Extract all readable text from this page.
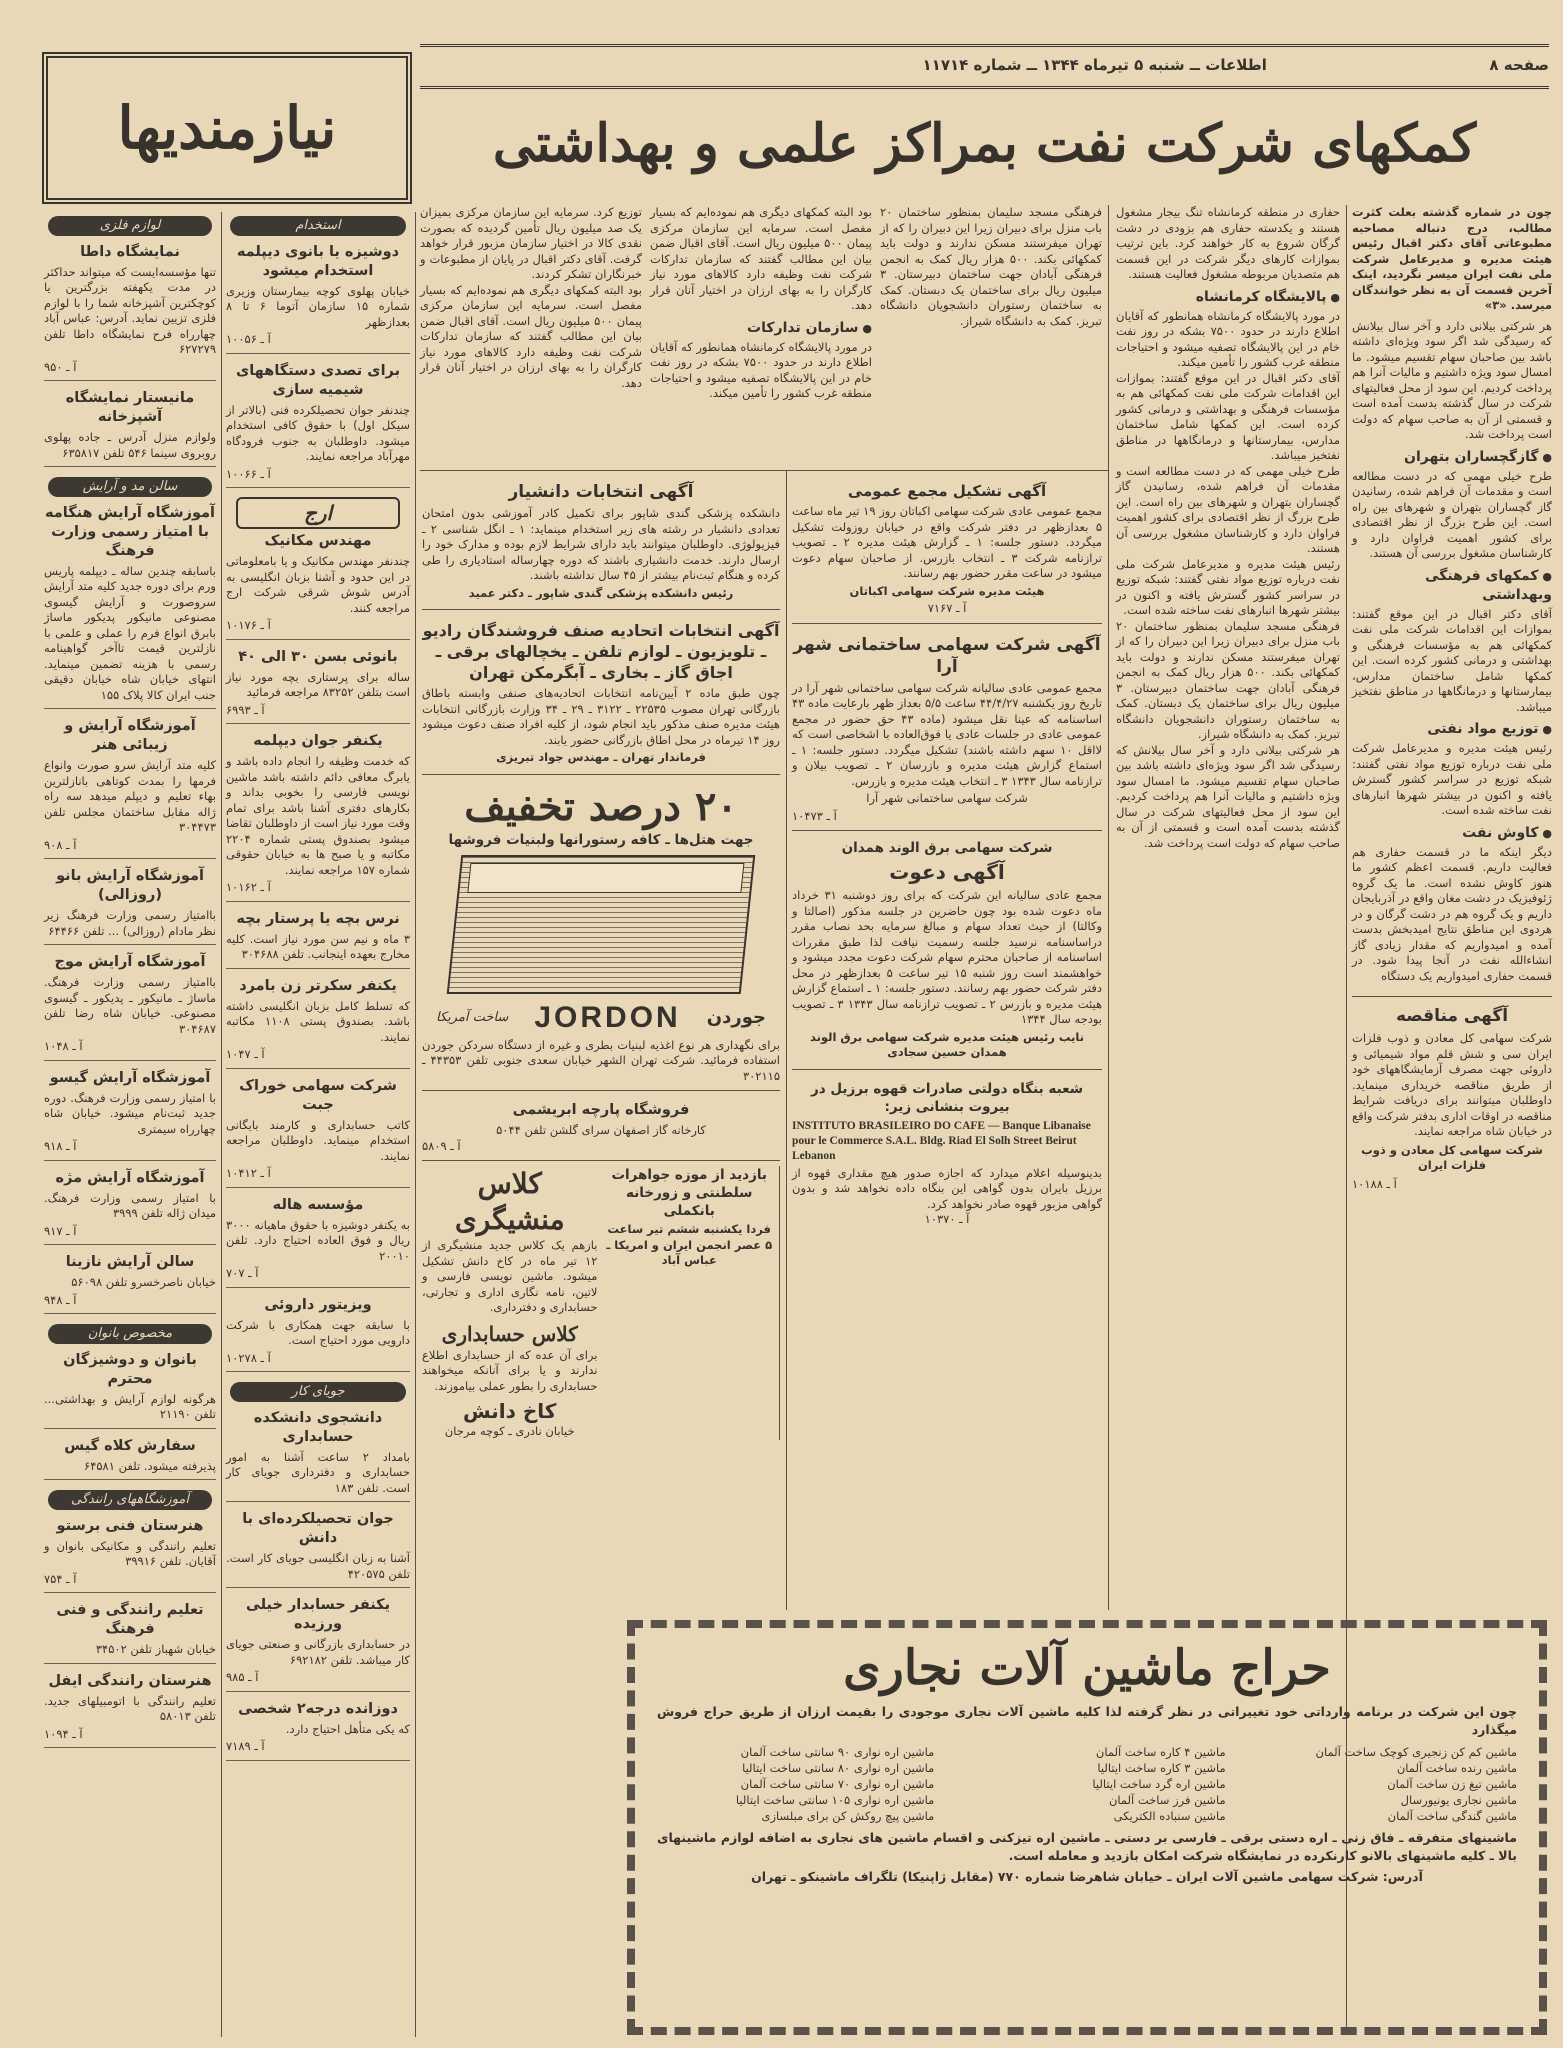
صفحه ۸
اطلاعات ــ شنبه ۵ تیرماه ۱۳۴۴ ــ شماره ۱۱۷۱۴
نیازمندیها	کمکهای شرکت نفت بمراکز علمی و بهداشتی
لوازم فلزی
نمایشگاه داطا

تنها مؤسسه‌ایست که میتواند حداکثر در مدت یکهفته بزرگترین یا کوچکترین آشپزخانه شما را با لوازم فلزی تزیین نماید. آدرس: عباس آباد چهارراه فرح نمایشگاه داطا تلفن ۶۲۷۲۷۹

آ ـ ۹۵۰
مانیستار نمایشگاه آشپزخانه

ولوازم منزل آدرس ـ جاده پهلوی روبروی سینما ۵۴۶ تلفن ۶۳۵۸۱۷

سالن مد و آرایش
آموزشگاه آرایش هنگامه با امتیاز رسمی وزارت فرهنگ

باسابقه چندین ساله ـ دیپلمه پاریس ورم برای دوره جدید کلیه متد آرایش سروصورت و آرایش گیسوی مصنوعی مانیکور پدیکور ماساژ بابرق انواع فرم را عملی و علمی با نازلترین قیمت تاآخر گواهینامه رسمی با هزینه تضمین مینماید. انتهای خیابان شاه خیابان دقیقی جنب ایران کالا پلاک ۱۵۵

آموزشگاه آرایش و زیبائی هنر

کلیه متد آرایش سرو صورت وانواع فرمها را بمدت کوتاهی بانازلترین بهاء تعلیم و دیپلم میدهد سه راه ژاله مقابل ساختمان مجلس تلفن ۳۰۴۴۷۳

آ ـ ۹۰۸
آموزشگاه آرایش بانو (روزالی)

باامتیاز رسمی وزارت فرهنگ زیر نظر مادام (روزالی) ... تلفن ۶۴۴۶۶

آموزشگاه آرایش موج

باامتیاز رسمی وزارت فرهنگ. ماساژ ـ مانیکور ـ پدیکور ـ گیسوی مصنوعی. خیابان شاه رضا تلفن ۳۰۴۶۸۷

آ ـ ۱۰۴۸
آموزشگاه آرایش گیسو

با امتیاز رسمی وزارت فرهنگ. دوره جدید ثبت‌نام میشود. خیابان شاه چهارراه سیمتری

آ ـ ۹۱۸
آموزشگاه آرایش مژه

با امتیاز رسمی وزارت فرهنگ. میدان ژاله تلفن ۳۹۹۹

آ ـ ۹۱۷
سالن آرایش نازینا

خیابان ناصرخسرو تلفن ۵۶۰۹۸

آ ـ ۹۴۸
مخصوص بانوان
بانوان و دوشیزگان محترم

هرگونه لوازم آرایش و بهداشتی... تلفن ۲۱۱۹۰

سفارش کلاه گیس

پذیرفته میشود. تلفن ۶۴۵۸۱

آموزشگاههای رانندگی
هنرستان فنی برستو

تعلیم رانندگی و مکانیکی بانوان و آقایان. تلفن ۳۹۹۱۶

آ ـ ۷۵۴
تعلیم رانندگی و فنی فرهنگ

خیابان شهباز تلفن ۳۴۵۰۲

هنرستان رانندگی ایفل

تعلیم رانندگی با اتومبیلهای جدید. تلفن ۵۸۰۱۳

آ ـ ۱۰۹۴
استخدام
دوشیزه یا بانوی دیپلمه استخدام میشود

خیابان پهلوی کوچه بیمارستان وزیری شماره ۱۵ سازمان آتوما ۶ تا ۸ بعدازظهر

آ ـ ۱۰۰۵۶
برای تصدی دستگاههای شیمیه سازی

چندنفر جوان تحصیلکرده فنی (بالاتر از سیکل اول) با حقوق کافی استخدام میشود. داوطلبان به جنوب فرودگاه مهرآباد مراجعه نمایند.

آ ـ ۱۰۰۶۶
ارج
مهندس مکانیک

چندنفر مهندس مکانیک و یا بامعلوماتی در این حدود و آشنا بزبان انگلیسی به آدرس شوش شرقی شرکت ارج مراجعه کنند.

آ ـ ۱۰۱۷۶
بانوئی بسن ۳۰ الی ۴۰

ساله برای پرستاری بچه مورد نیاز است بتلفن ۸۳۲۵۲ مراجعه فرمائید

آ ـ ۶۹۹۳
یکنفر جوان دیپلمه

که خدمت وظیفه را انجام داده باشد و یابرگ معافی دائم داشته باشد ماشین نویسی فارسی را بخوبی بداند و بکارهای دفتری آشنا باشد برای تمام وقت مورد نیاز است از داوطلبان تقاضا میشود بصندوق پستی شماره ۲۲۰۴ مکاتبه و یا صبح ها به خیابان حقوقی شماره ۱۵۷ مراجعه نمایند.

آ ـ ۱۰۱۶۲
نرس بچه یا پرستار بچه

۳ ماه و نیم سن مورد نیاز است. کلیه مخارج بعهده اینجانب. تلفن ۳۰۴۶۸۸

یکنفر سکرتر زن بامرد

که تسلط کامل بزبان انگلیسی داشته باشد. بصندوق پستی ۱۱۰۸ مکاتبه نمایند.

آ ـ ۱۰۴۷
شرکت سهامی خوراک جبت

کاتب حسابداری و کارمند بایگانی استخدام مینماید. داوطلبان مراجعه نمایند.

آ ـ ۱۰۴۱۲
مؤسسه هاله

به یکنفر دوشیزه با حقوق ماهیانه ۳۰۰۰ ریال و فوق العاده احتیاج دارد. تلفن ۲۰۰۱۰

آ ـ ۷۰۷
ویزیتور داروئی

با سابقه جهت همکاری با شرکت دارویی مورد احتیاج است.

آ ـ ۱۰۲۷۸
جویای کار
دانشجوی دانشکده حسابداری

بامداد ۲ ساعت آشنا به امور حسابداری و دفترداری جویای کار است. تلفن ۱۸۳

جوان تحصیلکرده‌ای با دانش

آشنا به زبان انگلیسی جویای کار است. تلفن ۴۲۰۵۷۵

یکنفر حسابدار خیلی ورزیده

در حسابداری بازرگانی و صنعتی جویای کار میباشد. تلفن ۶۹۲۱۸۲

آ ـ ۹۸۵
دوزانده درجه۲ شخصی

که یکی متأهل احتیاج دارد.

آ ـ ۷۱۸۹

چون در شماره گذشته بعلت کثرت مطالب، درج دنباله مصاحبه مطبوعاتی آقای دکتر اقبال رئیس هیئت مدیره و مدیرعامل شرکت ملی نفت ایران میسر نگردید، اینک آخرین قسمت آن به نظر خوانندگان میرسد. «۳»

هر شرکتی بیلانی دارد و آخر سال بیلانش که رسیدگی شد اگر سود ویژه‌ای داشته باشد بین صاحبان سهام تقسیم میشود. ما امسال سود ویژه داشتیم و مالیات آنرا هم پرداخت کردیم. این سود از محل فعالیتهای شرکت در سال گذشته بدست آمده است و قسمتی از آن به صاحب سهام که دولت است پرداخت شد.

● گازگچساران بتهران

طرح خیلی مهمی که در دست مطالعه است و مقدمات آن فراهم شده، رسانیدن گاز گچساران بتهران و شهرهای بین راه است. این طرح بزرگ از نظر اقتصادی برای کشور اهمیت فراوان دارد و کارشناسان مشغول بررسی آن هستند.

● کمکهای فرهنگی وبهداشتی

آقای دکتر اقبال در این موقع گفتند: بموازات این اقدامات شرکت ملی نفت کمکهائی هم به مؤسسات فرهنگی و بهداشتی و درمانی کشور کرده است. این کمکها شامل ساختمان مدارس، بیمارستانها و درمانگاهها در مناطق نفتخیز میباشد.

● توزیع مواد نفتی

رئیس هیئت مدیره و مدیرعامل شرکت ملی نفت درباره توزیع مواد نفتی گفتند: شبکه توزیع در سراسر کشور گسترش یافته و اکنون در بیشتر شهرها انبارهای نفت ساخته شده است.

● کاوش نفت

دیگر اینکه ما در قسمت حفاری هم فعالیت داریم. قسمت اعظم کشور ما هنوز کاوش نشده است. ما یک گروه ژئوفیزیک در دشت مغان واقع در آذربایجان داریم و یک گروه هم در دشت گرگان و در هردوی این مناطق نتایج امیدبخش بدست آمده و امیدواریم که مقدار زیادی گاز انشاءالله نفت در آنجا پیدا شود. در قسمت حفاری امیدواریم یک دستگاه

آگهی مناقصه

شرکت سهامی کل معادن و ذوب فلزات ایران سی و شش قلم مواد شیمیائی و داروئی جهت مصرف آزمایشگاههای خود از طریق مناقصه خریداری مینماید. داوطلبان میتوانند برای دریافت شرایط مناقصه در اوقات اداری بدفتر شرکت واقع در خیابان شاه مراجعه نمایند.

شرکت سهامی کل معادن و ذوب فلزات ایران

آ ـ ۱۰۱۸۸

حفاری در منطقه کرمانشاه تنگ بیجار مشغول هستند و یکدسته حفاری هم بزودی در دشت گرگان شروع به کار خواهند کرد. باین ترتیب بموازات کارهای دیگر شرکت در این قسمت هم متصدیان مربوطه مشغول فعالیت هستند.

● پالایشگاه کرمانشاه

در مورد پالایشگاه کرمانشاه همانطور که آقایان اطلاع دارند در حدود ۷۵۰۰ بشکه در روز نفت خام در این پالایشگاه تصفیه میشود و احتیاجات منطقه غرب کشور را تأمین میکند.

آقای دکتر اقبال در این موقع گفتند: بموازات این اقدامات شرکت ملی نفت کمکهائی هم به مؤسسات فرهنگی و بهداشتی و درمانی کشور کرده است. این کمکها شامل ساختمان مدارس، بیمارستانها و درمانگاهها در مناطق نفتخیز میباشد.

طرح خیلی مهمی که در دست مطالعه است و مقدمات آن فراهم شده، رسانیدن گاز گچساران بتهران و شهرهای بین راه است. این طرح بزرگ از نظر اقتصادی برای کشور اهمیت فراوان دارد و کارشناسان مشغول بررسی آن هستند.

رئیس هیئت مدیره و مدیرعامل شرکت ملی نفت درباره توزیع مواد نفتی گفتند: شبکه توزیع در سراسر کشور گسترش یافته و اکنون در بیشتر شهرها انبارهای نفت ساخته شده است.

فرهنگی مسجد سلیمان بمنظور ساختمان ۲۰ باب منزل برای دبیران زیرا این دبیران را که از تهران میفرستند مسکن ندارند و دولت باید کمکهائی بکند. ۵۰۰ هزار ریال کمک به انجمن فرهنگی آبادان جهت ساختمان دبیرستان. ۳ میلیون ریال برای ساختمان یک دبستان. کمک به ساختمان رستوران دانشجویان دانشگاه تبریز. کمک به دانشگاه شیراز.

هر شرکتی بیلانی دارد و آخر سال بیلانش که رسیدگی شد اگر سود ویژه‌ای داشته باشد بین صاحبان سهام تقسیم میشود. ما امسال سود ویژه داشتیم و مالیات آنرا هم پرداخت کردیم. این سود از محل فعالیتهای شرکت در سال گذشته بدست آمده است و قسمتی از آن به صاحب سهام که دولت است پرداخت شد.

فرهنگی مسجد سلیمان بمنظور ساختمان ۲۰ باب منزل برای دبیران زیرا این دبیران را که از تهران میفرستند مسکن ندارند و دولت باید کمکهائی بکند. ۵۰۰ هزار ریال کمک به انجمن فرهنگی آبادان جهت ساختمان دبیرستان. ۳ میلیون ریال برای ساختمان یک دبستان. کمک به ساختمان رستوران دانشجویان دانشگاه تبریز. کمک به دانشگاه شیراز.

بود البته کمکهای دیگری هم نموده‌ایم که بسیار مفصل است. سرمایه این سازمان مرکزی پیمان ۵۰۰ میلیون ریال است. آقای اقبال ضمن بیان این مطالب گفتند که سازمان تدارکات شرکت نفت وظیفه دارد کالاهای مورد نیاز کارگران را به بهای ارزان در اختیار آنان قرار دهد.

● سازمان تدارکات

در مورد پالایشگاه کرمانشاه همانطور که آقایان اطلاع دارند در حدود ۷۵۰۰ بشکه در روز نفت خام در این پالایشگاه تصفیه میشود و احتیاجات منطقه غرب کشور را تأمین میکند.

توزیع کرد. سرمایه این سازمان مرکزی بمیزان یک صد میلیون ریال تأمین گردیده که بصورت نقدی کالا در اختیار سازمان مزبور قرار خواهد گرفت. آقای دکتر اقبال در پایان از مطبوعات و خبرنگاران تشکر کردند.

بود البته کمکهای دیگری هم نموده‌ایم که بسیار مفصل است. سرمایه این سازمان مرکزی پیمان ۵۰۰ میلیون ریال است. آقای اقبال ضمن بیان این مطالب گفتند که سازمان تدارکات شرکت نفت وظیفه دارد کالاهای مورد نیاز کارگران را به بهای ارزان در اختیار آنان قرار دهد.

آگهی تشکیل مجمع عمومی

مجمع عمومی عادی شرکت سهامی اکباتان روز ۱۹ تیر ماه ساعت ۵ بعدازظهر در دفتر شرکت واقع در خیابان روزولت تشکیل میگردد. دستور جلسه: ۱ ـ گزارش هیئت مدیره ۲ ـ تصویب ترازنامه شرکت ۳ ـ انتخاب بازرس. از صاحبان سهام دعوت میشود در ساعت مقرر حضور بهم رسانند.

هیئت مدیره شرکت سهامی اکباتان

آ ـ ۷۱۶۷

آگهی شرکت سهامی ساختمانی شهر آرا

مجمع عمومی عادی سالیانه شرکت سهامی ساختمانی شهر آرا در تاریخ روز یکشنبه ۴۴/۴/۲۷ ساعت ۵/۵ بعداز ظهر بارعایت ماده ۴۳ اساسنامه که عینا نقل میشود (ماده ۴۳ حق حضور در مجمع عمومی عادی در جلسات عادی یا فوق‌العاده با اشخاصی است که لااقل ۱۰ سهم داشته باشند) تشکیل میگردد. دستور جلسه: ۱ ـ استماع گزارش هیئت مدیره و بازرسان ۲ ـ تصویب بیلان و ترازنامه سال ۱۳۴۳ ۳ ـ انتخاب هیئت مدیره و بازرس.

شرکت سهامی ساختمانی شهر آرا

آ ـ ۱۰۴۷۳

شرکت سهامی برق الوند همدان
آگهی دعوت

مجمع عادی سالیانه این شرکت که برای روز دوشنبه ۳۱ خرداد ماه دعوت شده بود چون حاضرین در جلسه مذکور (اصالتا و وکالتا) از حیث تعداد سهام و مبالغ سرمایه بحد نصاب مقرر دراساسنامه نرسید جلسه رسمیت نیافت لذا طبق مقررات اساسنامه از صاحبان محترم سهام شرکت دعوت مجدد میشود و خواهشمند است روز شنبه ۱۵ تیر ساعت ۵ بعدازظهر در محل دفتر شرکت حضور بهم رسانند. دستور جلسه: ۱ ـ استماع گزارش هیئت مدیره و بازرس ۲ ـ تصویب ترازنامه سال ۱۳۴۳ ۳ ـ تصویب بودجه سال ۱۳۴۴

نایب رئیس هیئت مدیره شرکت سهامی برق الوند همدان حسین سجادی

شعبه بنگاه دولتی صادرات قهوه برزیل در بیروت بنشانی زیر:

INSTITUTO BRASILEIRO DO CAFE — Banque Libanaise pour le Commerce S.A.L. Bldg. Riad El Solh Street Beirut Lebanon

بدینوسیله اعلام میدارد که اجازه صدور هیچ مقداری قهوه از برزیل بایران بدون گواهی این بنگاه داده نخواهد شد و بدون گواهی مزبور قهوه صادر نخواهد کرد.

آ ـ ۱۰۳۷۰

آگهی انتخابات دانشیار

دانشکده پزشکی گندی شاپور برای تکمیل کادر آموزشی بدون امتحان تعدادی دانشیار در رشته های زیر استخدام مینماید: ۱ ـ انگل شناسی ۲ ـ فیزیولوژی. داوطلبان میتوانند باید دارای شرایط لازم بوده و مدارک خود را ارسال دارند. خدمت دانشیاری باشند که دوره چهارساله استادیاری را طی کرده و هنگام ثبت‌نام بیشتر از ۴۵ سال نداشته باشند.

رئیس دانشکده پزشکی گندی شاپور ـ دکتر عمید

آگهی انتخابات اتحادیه صنف فروشندگان رادیو ـ تلویزیون ـ لوازم تلفن ـ یخچالهای برقی ـ اجاق گاز ـ بخاری ـ آبگرمکن تهران

چون طبق ماده ۲ آیین‌نامه انتخابات اتحادیه‌های صنفی وابسته باطاق بازرگانی تهران مصوب ۲۲۵۳۵ ـ ۳۱۲۲ ـ ۲۹ ـ ۳۴ وزارت بازرگانی انتخابات هیئت مدیره صنف مذکور باید انجام شود، از کلیه افراد صنف دعوت میشود روز ۱۴ تیرماه در محل اطاق بازرگانی حضور یابند.

فرماندار تهران ـ مهندس جواد تبریزی

۲۰ درصد تخفیف
جهت هتل‌ها ـ کافه رستورانها ولبنیات فروشها
جوردن
JORDON
ساخت آمریکا

برای نگهداری هر نوع اغذیه لبنیات بطری و غیره از دستگاه سردکن جوردن استفاده فرمائید. شرکت تهران الشهر خیابان سعدی جنوبی تلفن ۴۴۳۵۳ ـ ۳۰۲۱۱۵

فروشگاه پارچه ابریشمی

کارخانه گاز اصفهان سرای گلشن تلفن ۵۰۴۴

آ ـ ۵۸۰۹

بازدید از موزه جواهرات سلطنتی و زورخانه بانکملی

فردا یکشنبه ششم تیر ساعت ۵ عصر انجمن ایران و امریکا ـ عباس آباد

کلاس منشیگری

بازهم یک کلاس جدید منشیگری از ۱۲ تیر ماه در کاخ دانش تشکیل میشود. ماشین نویسی فارسی و لاتین، نامه نگاری اداری و تجارتی، حسابداری و دفترداری.

کلاس حسابداری

برای آن عده که از حسابداری اطلاع ندارند و یا برای آنانکه میخواهند حسابداری را بطور عملی بیاموزند.

کاخ دانش
خیابان نادری ـ کوچه مرجان
حراج ماشین آلات نجاری

چون این شرکت در برنامه وارداتی خود تغییراتی در نظر گرفته لذا کلیه ماشین آلات نجاری موجودی را بقیمت ارزان از طریق حراج فروش میگذارد

ماشین کم کن زنجیری کوچک ساخت آلمان
ماشین ۴ کاره ساخت آلمان
ماشین اره نواری ۹۰ سانتی ساخت آلمان
ماشین رنده ساخت آلمان
ماشین ۳ کاره ساخت ایتالیا
ماشین اره نواری ۸۰ سانتی ساخت ایتالیا
ماشین تیغ زن ساخت آلمان
ماشین اره گرد ساخت ایتالیا
ماشین اره نواری ۷۰ سانتی ساخت آلمان
ماشین نجاری یونیورسال
ماشین فرز ساخت آلمان
ماشین اره نواری ۱۰۵ سانتی ساخت ایتالیا
ماشین گندگی ساخت آلمان
ماشین سنباده الکتریکی
ماشین پیچ روکش کن برای مبلسازی

ماشینهای متفرقه ـ فاق زنی ـ اره دستی برقی ـ فارسی بر دستی ـ ماشین اره تیزکنی و اقسام ماشین های نجاری به اضافه لوازم ماشینهای بالا ـ کلیه ماشینهای بالانو کارنکرده در نمایشگاه شرکت امکان بازدید و معامله است.

آدرس: شرکت سهامی ماشین آلات ایران ـ خیابان شاهرضا شماره ۷۷۰ (مقابل ژاپنیکا) تلگراف ماشینکو ـ تهران
